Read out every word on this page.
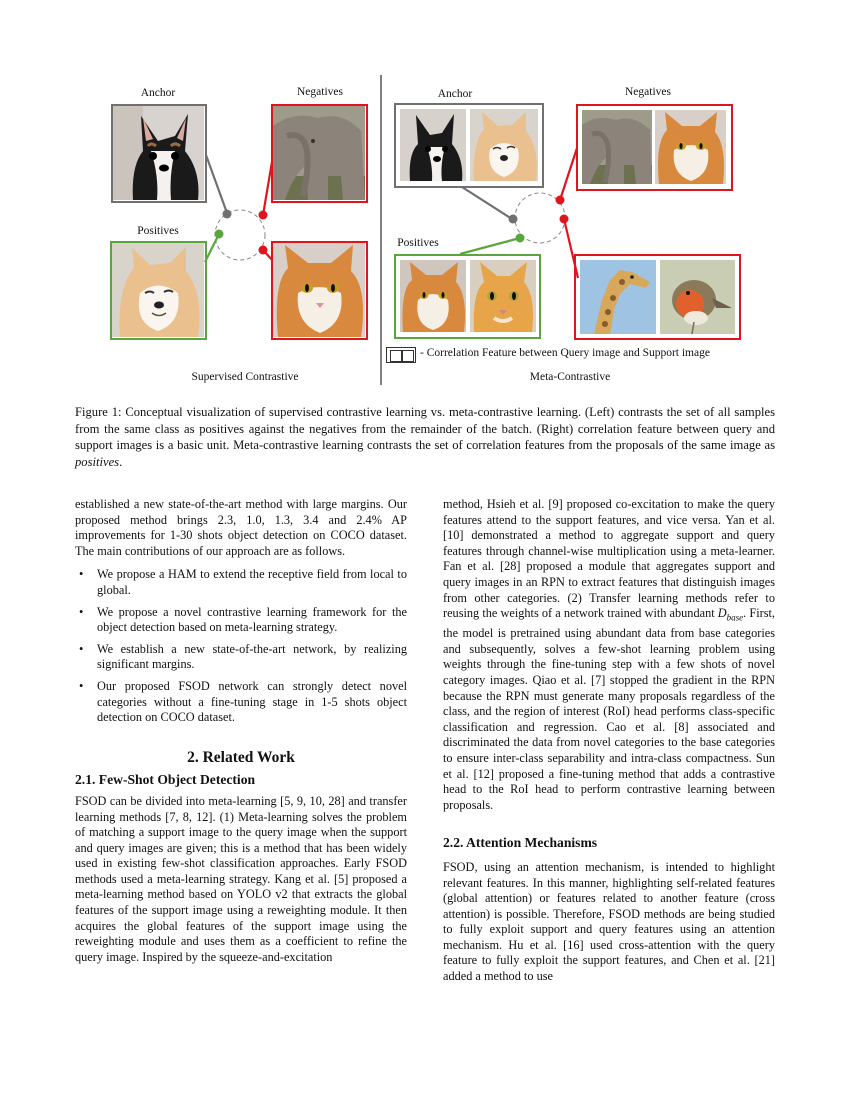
Anchor	Negatives
Positives
Supervised Contrastive
Anchor	Negatives
Positives
- Correlation Feature between Query image and Support image
Meta-Contrastive
Figure 1: Conceptual visualization of supervised contrastive learning vs. meta-contrastive learning. (Left) contrasts the set of all samples from the same class as positives against the negatives from the remainder of the batch. (Right) correlation feature between query and support images is a basic unit. Meta-contrastive learning contrasts the set of correlation features from the proposals of the same image as positives.

established a new state-of-the-art method with large margins. Our proposed method brings 2.3, 1.0, 1.3, 3.4 and 2.4% AP improvements for 1-30 shots object detection on COCO dataset. The main contributions of our approach are as follows.

•	We propose a HAM to extend the receptive field from local to global.
•	We propose a novel contrastive learning framework for the object detection based on meta-learning strategy.
•	We establish a new state-of-the-art network, by realizing significant margins.
•	Our proposed FSOD network can strongly detect novel categories without a fine-tuning stage in 1-5 shots object detection on COCO dataset.
2. Related Work
2.1. Few-Shot Object Detection

FSOD can be divided into meta-learning [5, 9, 10, 28] and transfer learning methods [7, 8, 12]. (1) Meta-learning solves the problem of matching a support image to the query image when the support and query images are given; this is a method that has been widely used in existing few-shot classification approaches. Early FSOD methods used a meta-learning strategy. Kang et al. [5] proposed a meta-learning method based on YOLO v2 that extracts the global features of the support image using a reweighting module. It then acquires the global features of the support image using the reweighting module and uses them as a coefficient to refine the query image. Inspired by the squeeze-and-excitation

method, Hsieh et al. [9] proposed co-excitation to make the query features attend to the support features, and vice versa. Yan et al. [10] demonstrated a method to aggregate support and query features through channel-wise multiplication using a meta-learner. Fan et al. [28] proposed a module that aggregates support and query images in an RPN to extract features that distinguish images from other categories. (2) Transfer learning methods refer to reusing the weights of a network trained with abundant $D_{base}$. First, the model is pretrained using abundant data from base categories and subsequently, solves a few-shot learning problem using weights through the fine-tuning step with a few shots of novel category images. Qiao et al. [7] stopped the gradient in the RPN because the RPN must generate many proposals regardless of the class, and the region of interest (RoI) head performs class-specific classification and regression. Cao et al. [8] associated and discriminated the data from novel categories to the base categories to ensure inter-class separability and intra-class compactness. Sun et al. [12] proposed a fine-tuning method that adds a contrastive head to the RoI head to perform contrastive learning between proposals.

2.2. Attention Mechanisms

FSOD, using an attention mechanism, is intended to highlight relevant features. In this manner, highlighting self-related features (global attention) or features related to another feature (cross attention) is possible. Therefore, FSOD methods are being studied to fully exploit support and query features using an attention mechanism. Hu et al. [16] used cross-attention with the query feature to fully exploit the support features, and Chen et al. [21] added a method to use
